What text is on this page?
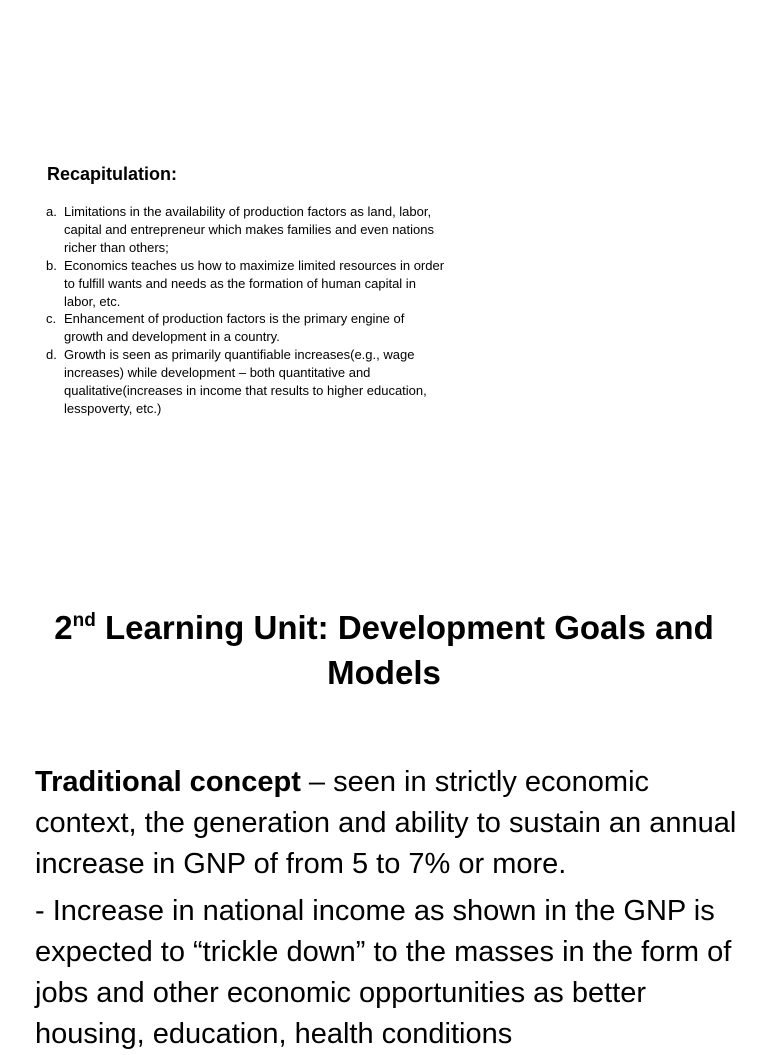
Recapitulation:
a. Limitations in the availability of production factors as land, labor, capital and entrepreneur which makes families and even nations richer than others;
b. Economics teaches us how to maximize limited resources in order to fulfill wants and needs as the formation of human capital in labor, etc.
c. Enhancement of production factors is the primary engine of growth and development in a country.
d. Growth is seen as primarily quantifiable increases(e.g., wage increases) while development – both quantitative and qualitative(increases in income that results to higher education, lesspoverty, etc.)
2nd Learning Unit: Development Goals and Models

Traditional concept – seen in strictly economic context, the generation and ability to sustain an annual increase in GNP of from 5 to 7% or more.

- Increase in national income as shown in the GNP is expected to “trickle down” to the masses in the form of jobs and other economic opportunities as better housing, education, health conditions
